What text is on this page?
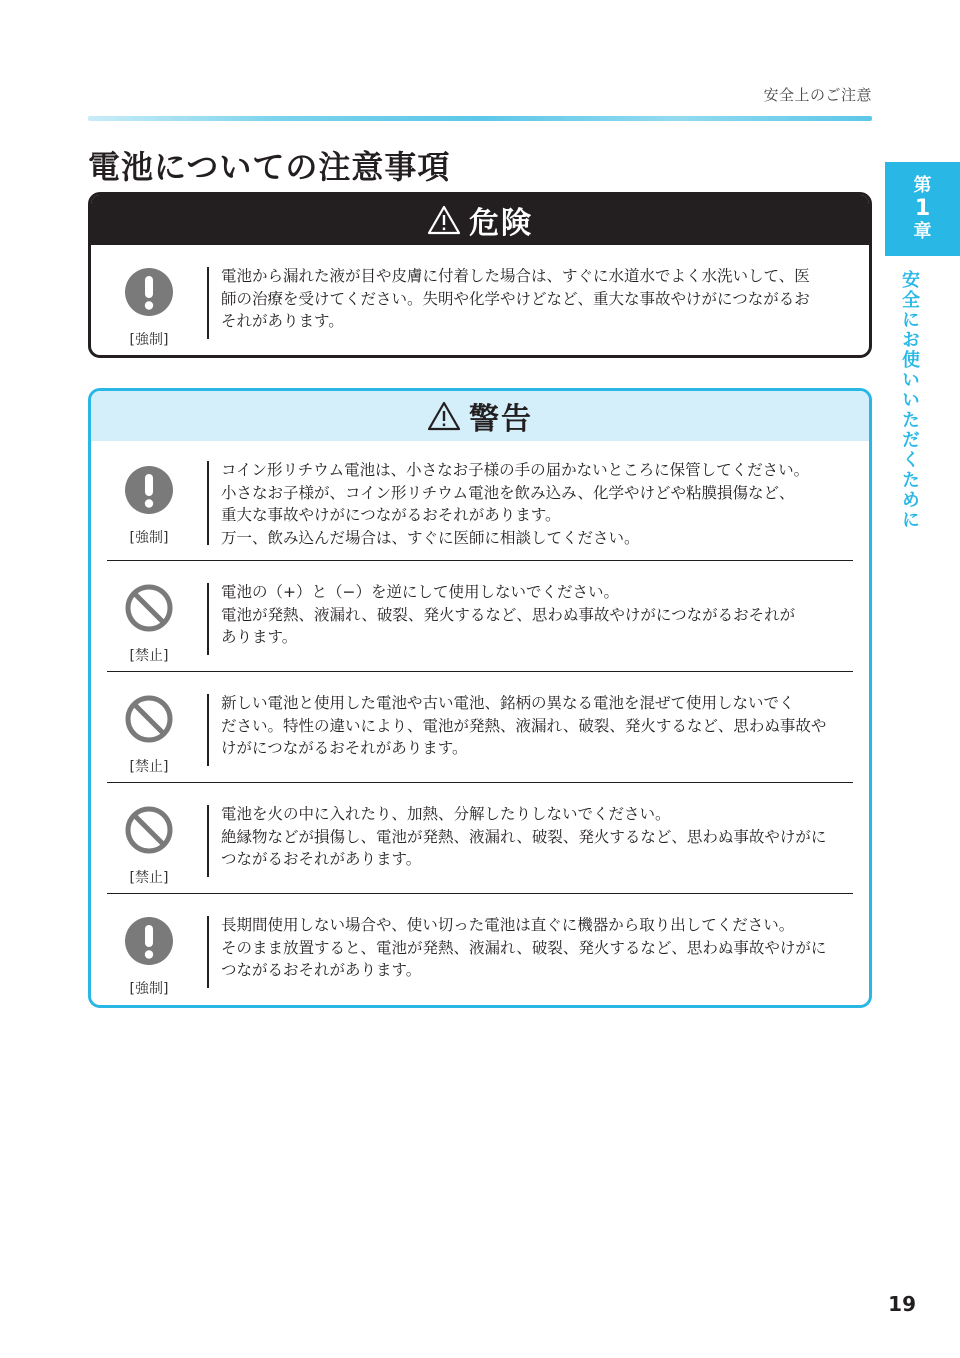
安全上のご注意
電池についての注意事項	第
1
章
安全にお使いいただくために
危険
[強制]

電池から漏れた液が目や皮膚に付着した場合は、すぐに水道水でよく水洗いして、医

師の治療を受けてください。失明や化学やけどなど、重大な事故やけがにつながるお

それがあります。

警告
[強制]

コイン形リチウム電池は、小さなお子様の手の届かないところに保管してください。

小さなお子様が、コイン形リチウム電池を飲み込み、化学やけどや粘膜損傷など、

重大な事故やけがにつながるおそれがあります。

万一、飲み込んだ場合は、すぐに医師に相談してください。

[禁止]

電池の（+）と（−）を逆にして使用しないでください。

電池が発熱、液漏れ、破裂、発火するなど、思わぬ事故やけがにつながるおそれが

あります。

[禁止]

新しい電池と使用した電池や古い電池、銘柄の異なる電池を混ぜて使用しないでく

ださい。特性の違いにより、電池が発熱、液漏れ、破裂、発火するなど、思わぬ事故や

けがにつながるおそれがあります。

[禁止]

電池を火の中に入れたり、加熱、分解したりしないでください。

絶縁物などが損傷し、電池が発熱、液漏れ、破裂、発火するなど、思わぬ事故やけがに

つながるおそれがあります。

[強制]

長期間使用しない場合や、使い切った電池は直ぐに機器から取り出してください。

そのまま放置すると、電池が発熱、液漏れ、破裂、発火するなど、思わぬ事故やけがに

つながるおそれがあります。

19
